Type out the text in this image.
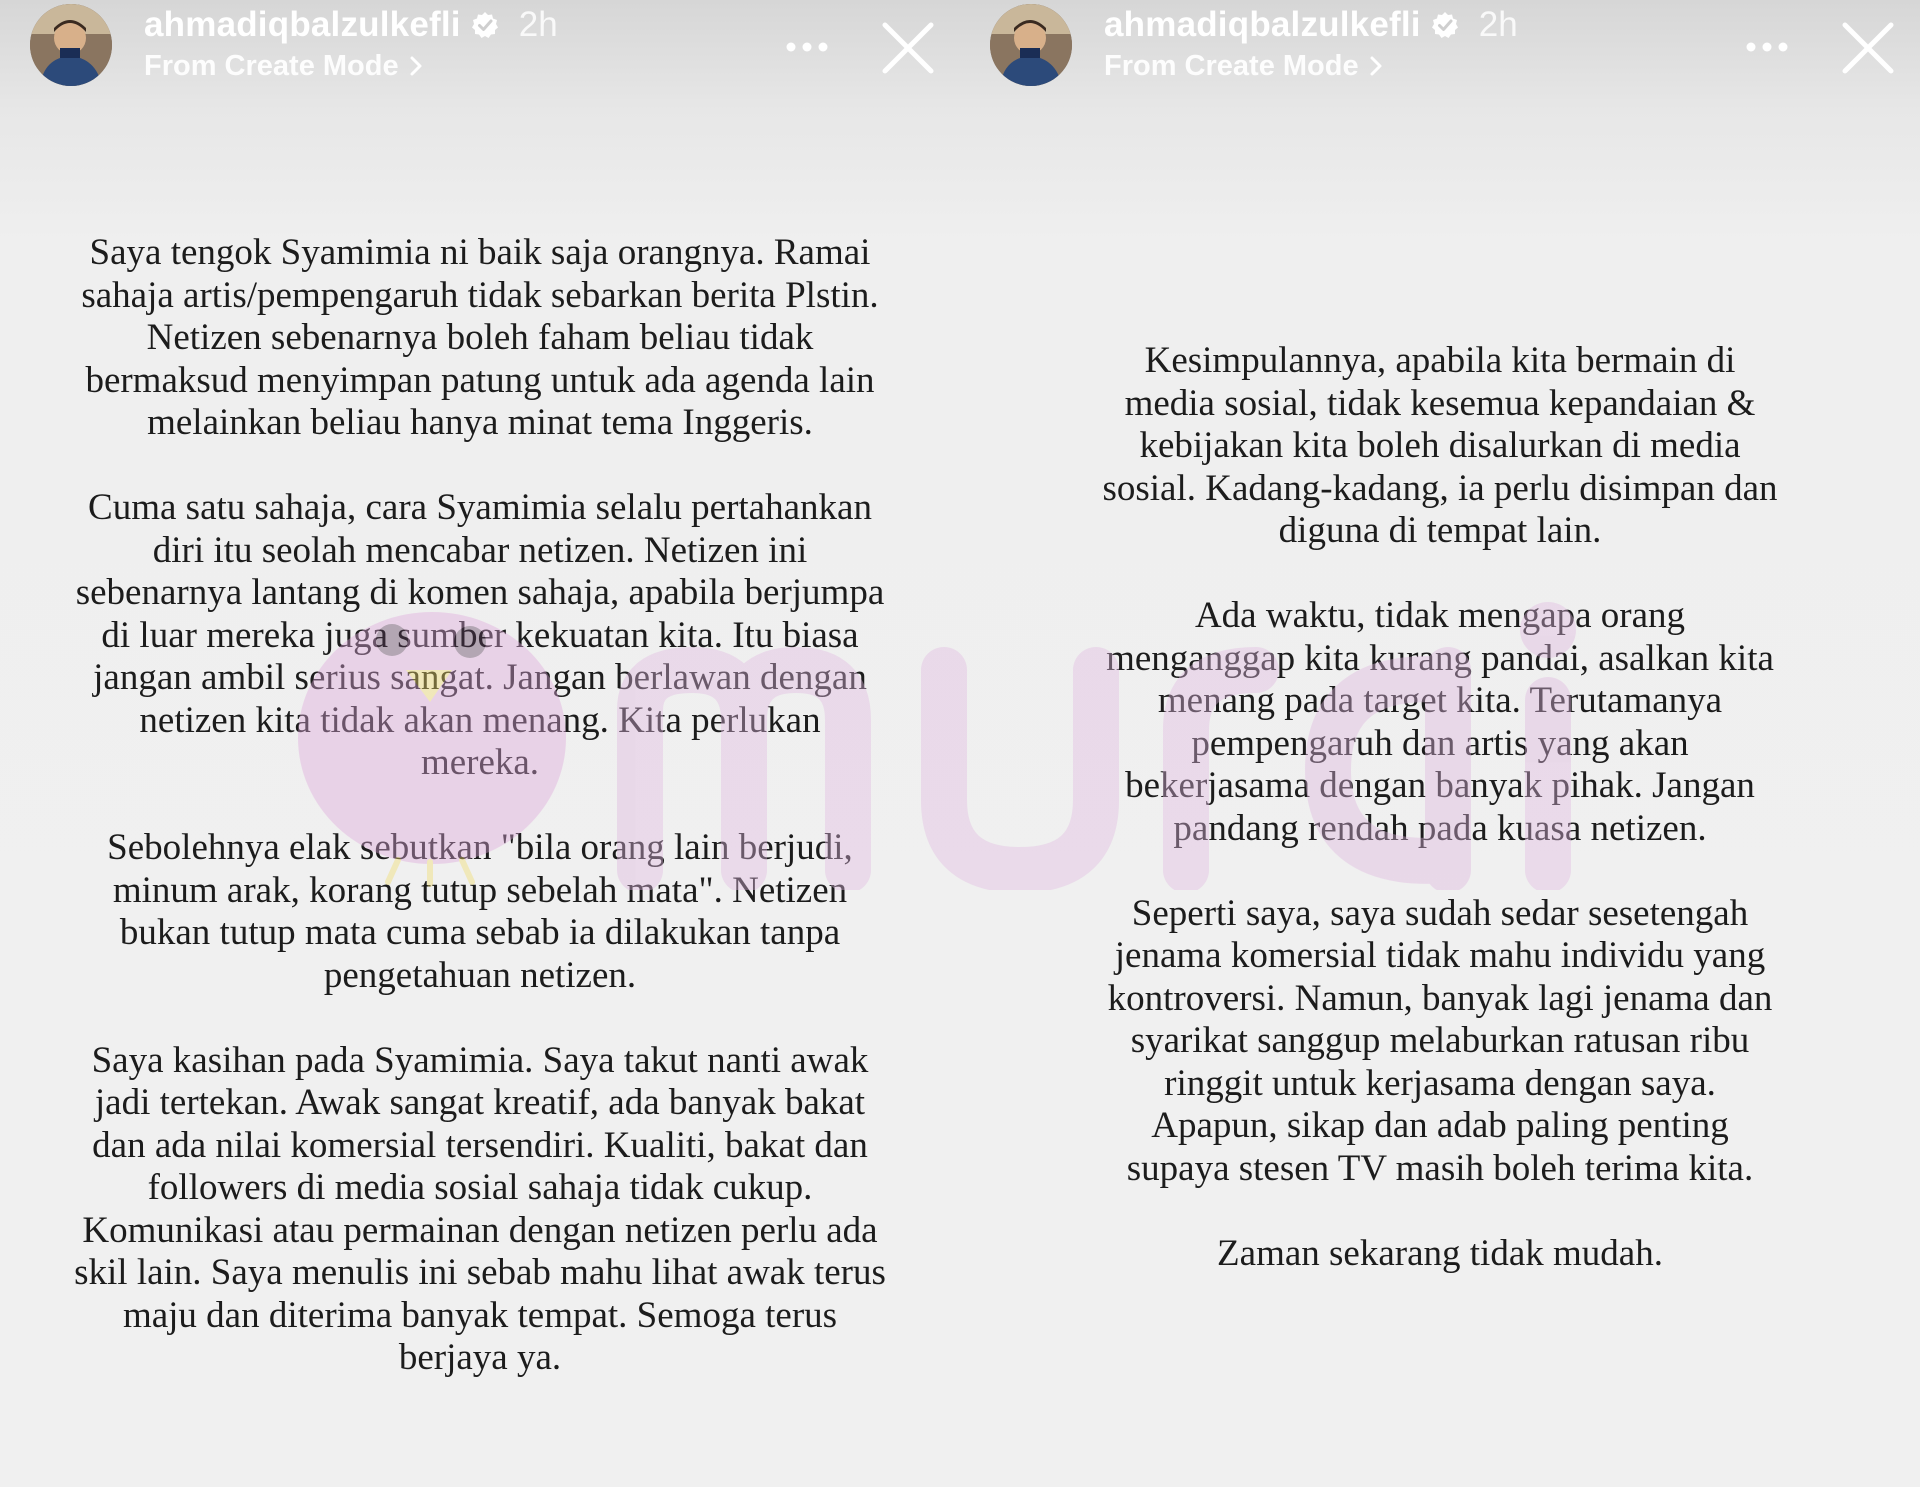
ahmadiqbalzulkefli 2h
From Create Mode
Saya tengok Syamimia ni baik saja orangnya. Ramai
sahaja artis/pempengaruh tidak sebarkan berita Plstin.
Netizen sebenarnya boleh faham beliau tidak
bermaksud menyimpan patung untuk ada agenda lain
melainkan beliau hanya minat tema Inggeris.
Cuma satu sahaja, cara Syamimia selalu pertahankan
diri itu seolah mencabar netizen. Netizen ini
sebenarnya lantang di komen sahaja, apabila berjumpa
di luar mereka juga sumber kekuatan kita. Itu biasa
jangan ambil serius sangat. Jangan berlawan dengan
netizen kita tidak akan menang. Kita perlukan
mereka.
Sebolehnya elak sebutkan "bila orang lain berjudi,
minum arak, korang tutup sebelah mata". Netizen
bukan tutup mata cuma sebab ia dilakukan tanpa
pengetahuan netizen.
Saya kasihan pada Syamimia. Saya takut nanti awak
jadi tertekan. Awak sangat kreatif, ada banyak bakat
dan ada nilai komersial tersendiri. Kualiti, bakat dan
followers di media sosial sahaja tidak cukup.
Komunikasi atau permainan dengan netizen perlu ada
skil lain. Saya menulis ini sebab mahu lihat awak terus
maju dan diterima banyak tempat. Semoga terus
berjaya ya.
ahmadiqbalzulkefli 2h
From Create Mode
Kesimpulannya, apabila kita bermain di
media sosial, tidak kesemua kepandaian &
kebijakan kita boleh disalurkan di media
sosial. Kadang-kadang, ia perlu disimpan dan
diguna di tempat lain.
Ada waktu, tidak mengapa orang
menganggap kita kurang pandai, asalkan kita
menang pada target kita. Terutamanya
pempengaruh dan artis yang akan
bekerjasama dengan banyak pihak. Jangan
pandang rendah pada kuasa netizen.
Seperti saya, saya sudah sedar sesetengah
jenama komersial tidak mahu individu yang
kontroversi. Namun, banyak lagi jenama dan
syarikat sanggup melaburkan ratusan ribu
ringgit untuk kerjasama dengan saya.
Apapun, sikap dan adab paling penting
supaya stesen TV masih boleh terima kita.
Zaman sekarang tidak mudah.
